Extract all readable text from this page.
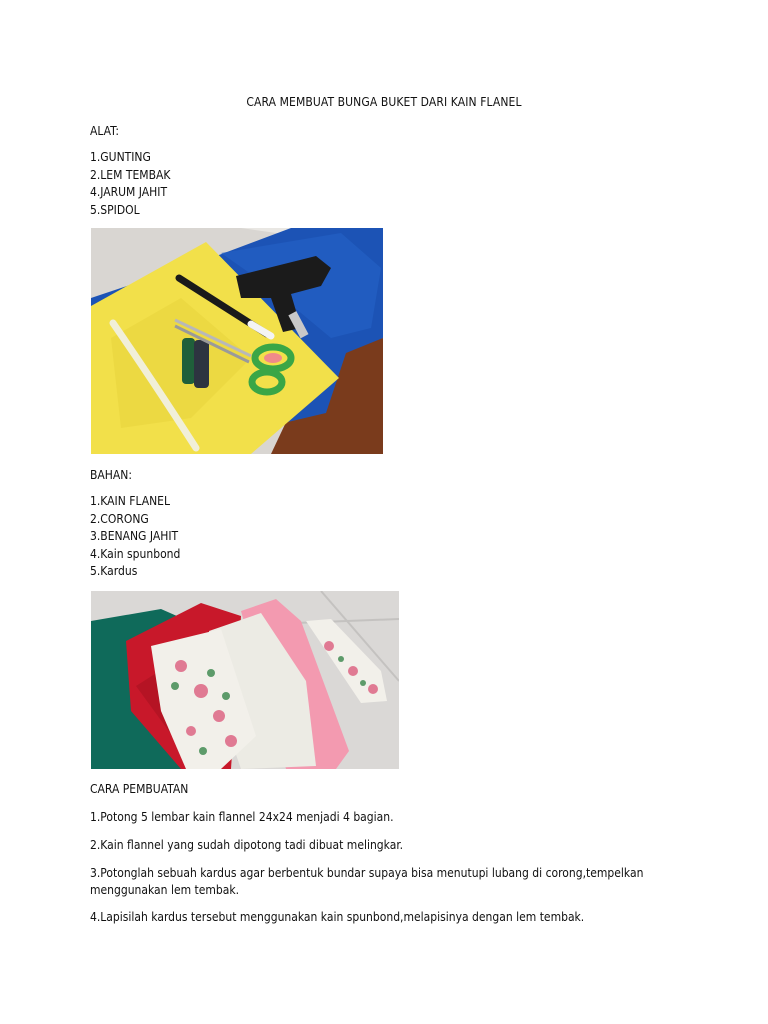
CARA MEMBUAT BUNGA BUKET DARI KAIN FLANEL
ALAT:
1.GUNTING
2.LEM TEMBAK
4.JARUM JAHIT
5.SPIDOL
BAHAN:
1.KAIN FLANEL
2.CORONG
3.BENANG JAHIT
4.Kain spunbond
5.Kardus
CARA PEMBUATAN

1.Potong 5 lembar kain flannel 24x24 menjadi 4 bagian.

2.Kain flannel yang sudah dipotong tadi dibuat melingkar.

3.Potonglah sebuah kardus agar berbentuk bundar supaya bisa menutupi lubang di corong,tempelkan menggunakan lem tembak.

4.Lapisilah kardus tersebut menggunakan kain spunbond,melapisinya dengan lem tembak.
